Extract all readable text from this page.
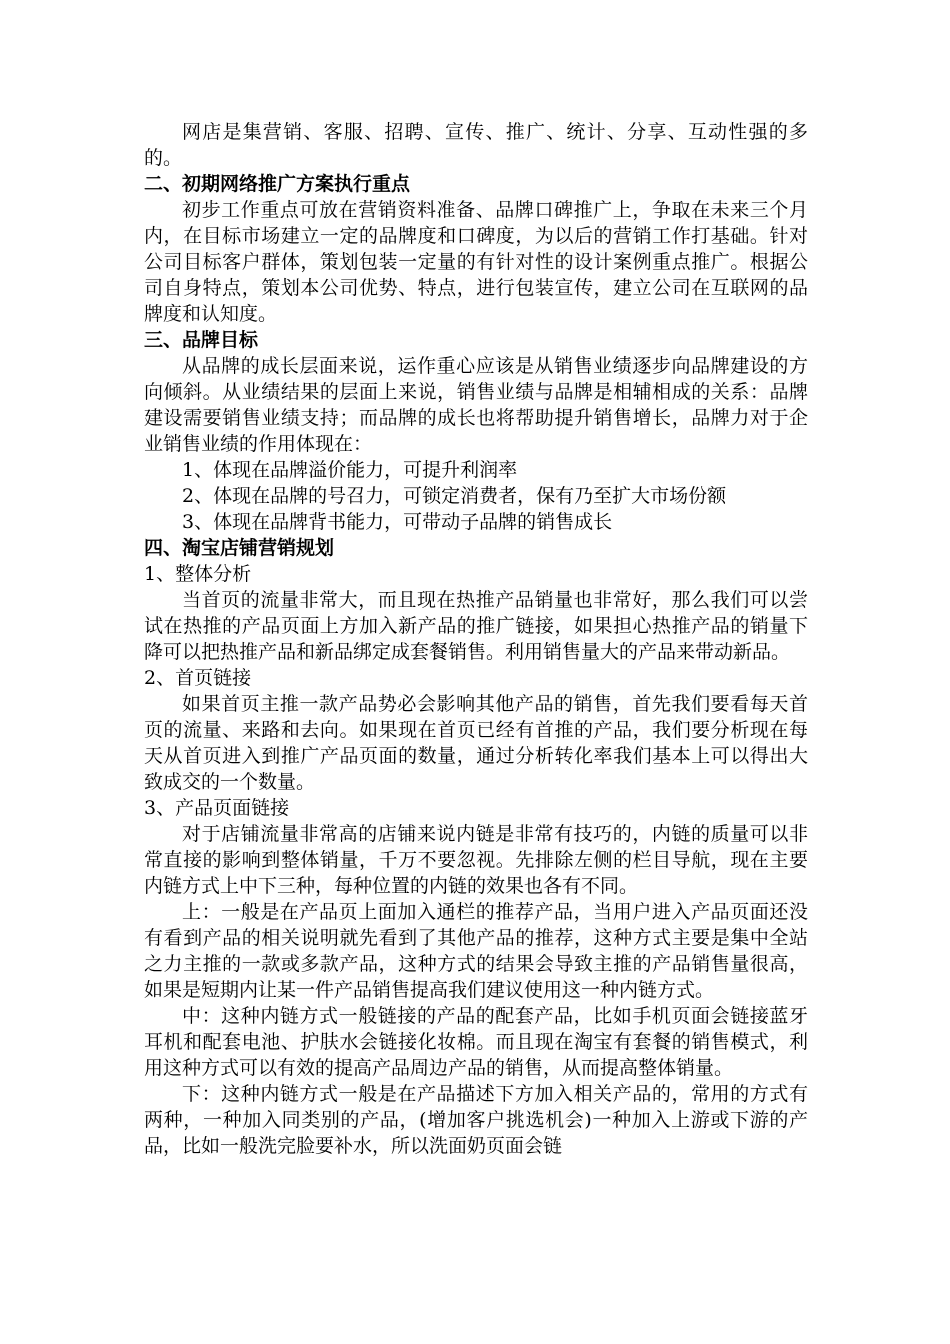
网店是集营销、客服、招聘、宣传、推广、统计、分享、互动性强的多的。

二、初期网络推广方案执行重点

初步工作重点可放在营销资料准备、品牌口碑推广上，争取在未来三个月内，在目标市场建立一定的品牌度和口碑度，为以后的营销工作打基础。针对公司目标客户群体，策划包装一定量的有针对性的设计案例重点推广。根据公司自身特点，策划本公司优势、特点，进行包装宣传，建立公司在互联网的品牌度和认知度。

三、品牌目标

从品牌的成长层面来说，运作重心应该是从销售业绩逐步向品牌建设的方向倾斜。从业绩结果的层面上来说，销售业绩与品牌是相辅相成的关系：品牌建设需要销售业绩支持；而品牌的成长也将帮助提升销售增长，品牌力对于企业销售业绩的作用体现在：

1、体现在品牌溢价能力，可提升利润率

2、体现在品牌的号召力，可锁定消费者，保有乃至扩大市场份额

3、体现在品牌背书能力，可带动子品牌的销售成长

四、淘宝店铺营销规划
1、整体分析

当首页的流量非常大，而且现在热推产品销量也非常好，那么我们可以尝试在热推的产品页面上方加入新产品的推广链接，如果担心热推产品的销量下降可以把热推产品和新品绑定成套餐销售。利用销售量大的产品来带动新品。

2、首页链接

如果首页主推一款产品势必会影响其他产品的销售，首先我们要看每天首页的流量、来路和去向。如果现在首页已经有首推的产品，我们要分析现在每天从首页进入到推广产品页面的数量，通过分析转化率我们基本上可以得出大致成交的一个数量。

3、产品页面链接

对于店铺流量非常高的店铺来说内链是非常有技巧的，内链的质量可以非常直接的影响到整体销量，千万不要忽视。先排除左侧的栏目导航，现在主要内链方式上中下三种，每种位置的内链的效果也各有不同。

上：一般是在产品页上面加入通栏的推荐产品，当用户进入产品页面还没有看到产品的相关说明就先看到了其他产品的推荐，这种方式主要是集中全站之力主推的一款或多款产品，这种方式的结果会导致主推的产品销售量很高，如果是短期内让某一件产品销售提高我们建议使用这一种内链方式。

中：这种内链方式一般链接的产品的配套产品，比如手机页面会链接蓝牙耳机和配套电池、护肤水会链接化妆棉。而且现在淘宝有套餐的销售模式，利用这种方式可以有效的提高产品周边产品的销售，从而提高整体销量。

下：这种内链方式一般是在产品描述下方加入相关产品的，常用的方式有两种，一种加入同类别的产品，(增加客户挑选机会)一种加入上游或下游的产品，比如一般洗完脸要补水，所以洗面奶页面会链
